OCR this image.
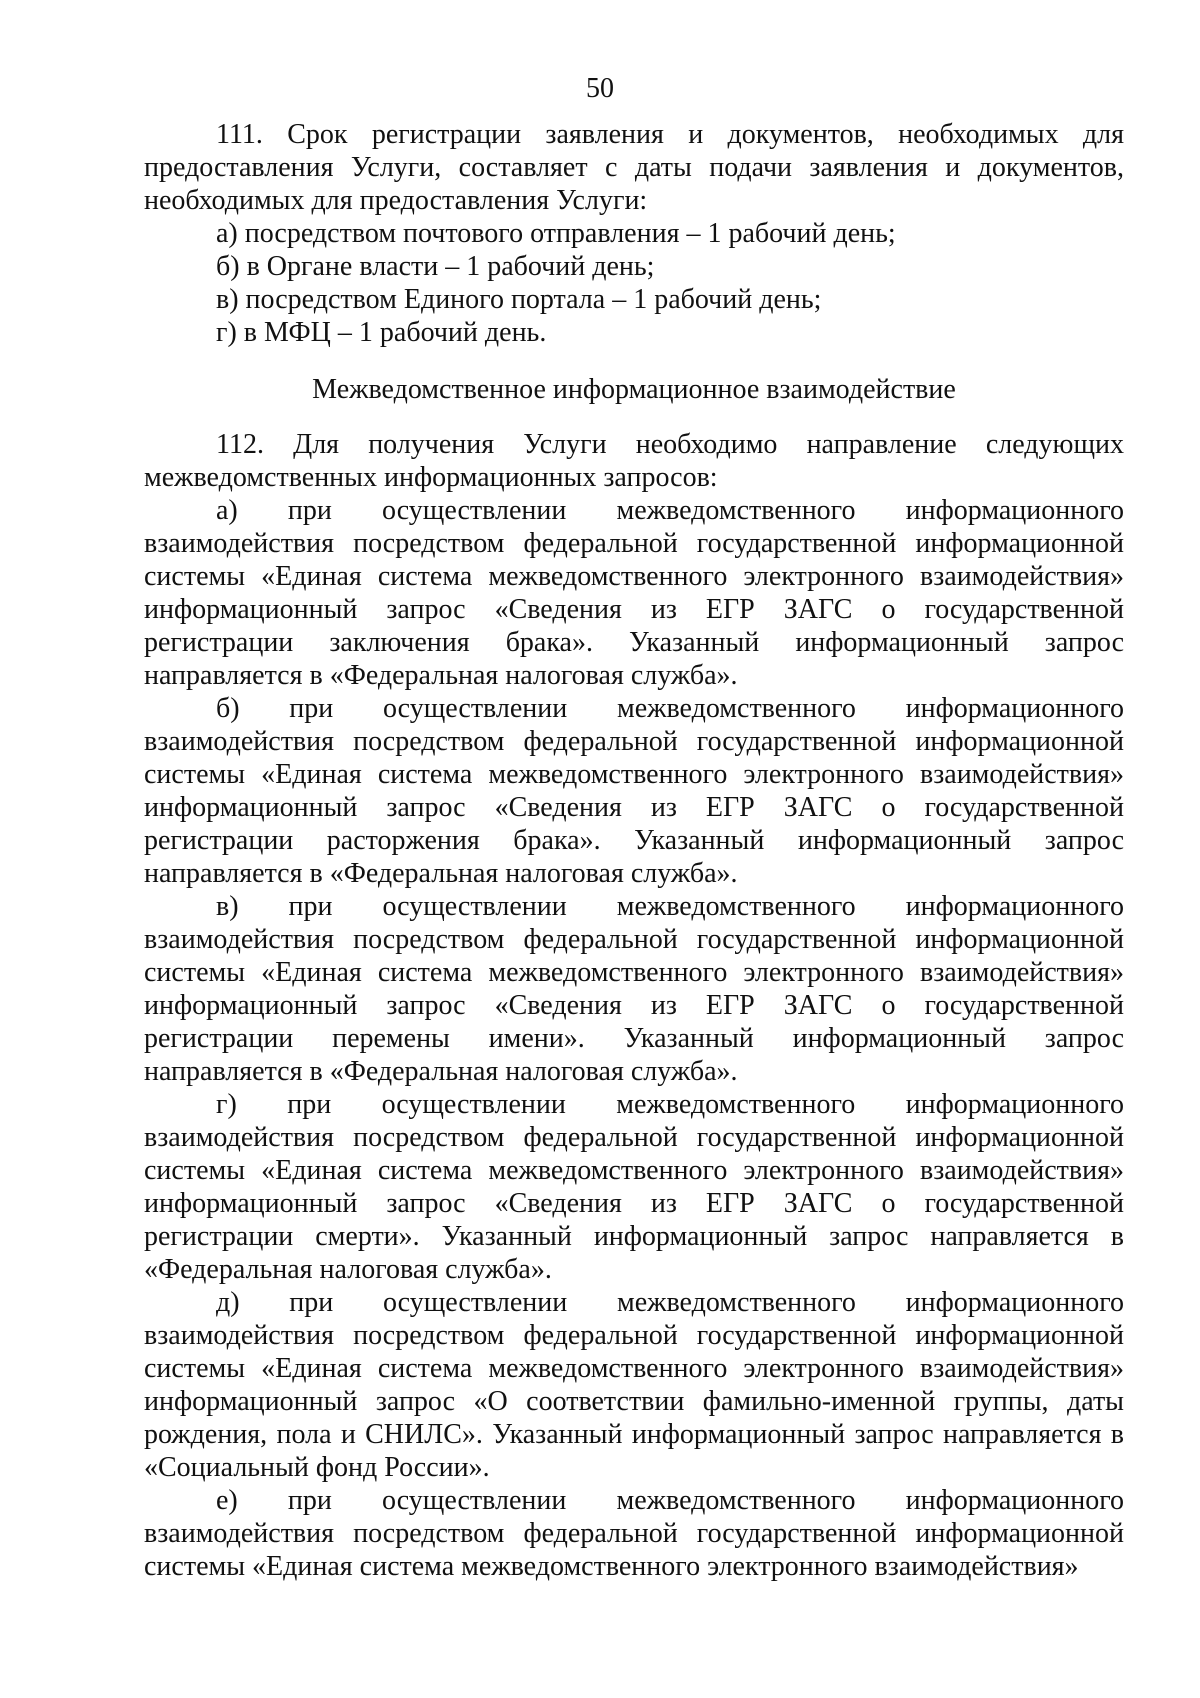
50

111. Срок регистрации заявления и документов, необходимых для предоставления Услуги, составляет с даты подачи заявления и документов, необходимых для предоставления Услуги:

а) посредством почтового отправления – 1 рабочий день;

б) в Органе власти – 1 рабочий день;

в) посредством Единого портала – 1 рабочий день;

г) в МФЦ – 1 рабочий день.

Межведомственное информационное взаимодействие

112. Для получения Услуги необходимо направление следующих межведомственных информационных запросов:

а) при осуществлении межведомственного информационного взаимодействия посредством федеральной государственной информационной системы «Единая система межведомственного электронного взаимодействия» информационный запрос «Сведения из ЕГР ЗАГС о государственной регистрации заключения брака». Указанный информационный запрос направляется в «Федеральная налоговая служба».

б) при осуществлении межведомственного информационного взаимодействия посредством федеральной государственной информационной системы «Единая система межведомственного электронного взаимодействия» информационный запрос «Сведения из ЕГР ЗАГС о государственной регистрации расторжения брака». Указанный информационный запрос направляется в «Федеральная налоговая служба».

в) при осуществлении межведомственного информационного взаимодействия посредством федеральной государственной информационной системы «Единая система межведомственного электронного взаимодействия» информационный запрос «Сведения из ЕГР ЗАГС о государственной регистрации перемены имени». Указанный информационный запрос направляется в «Федеральная налоговая служба».

г) при осуществлении межведомственного информационного взаимодействия посредством федеральной государственной информационной системы «Единая система межведомственного электронного взаимодействия» информационный запрос «Сведения из ЕГР ЗАГС о государственной регистрации смерти». Указанный информационный запрос направляется в «Федеральная налоговая служба».

д) при осуществлении межведомственного информационного взаимодействия посредством федеральной государственной информационной системы «Единая система межведомственного электронного взаимодействия» информационный запрос «О соответствии фамильно-именной группы, даты рождения, пола и СНИЛС». Указанный информационный запрос направляется в «Социальный фонд России».

е) при осуществлении межведомственного информационного взаимодействия посредством федеральной государственной информационной системы «Единая система межведомственного электронного взаимодействия»
